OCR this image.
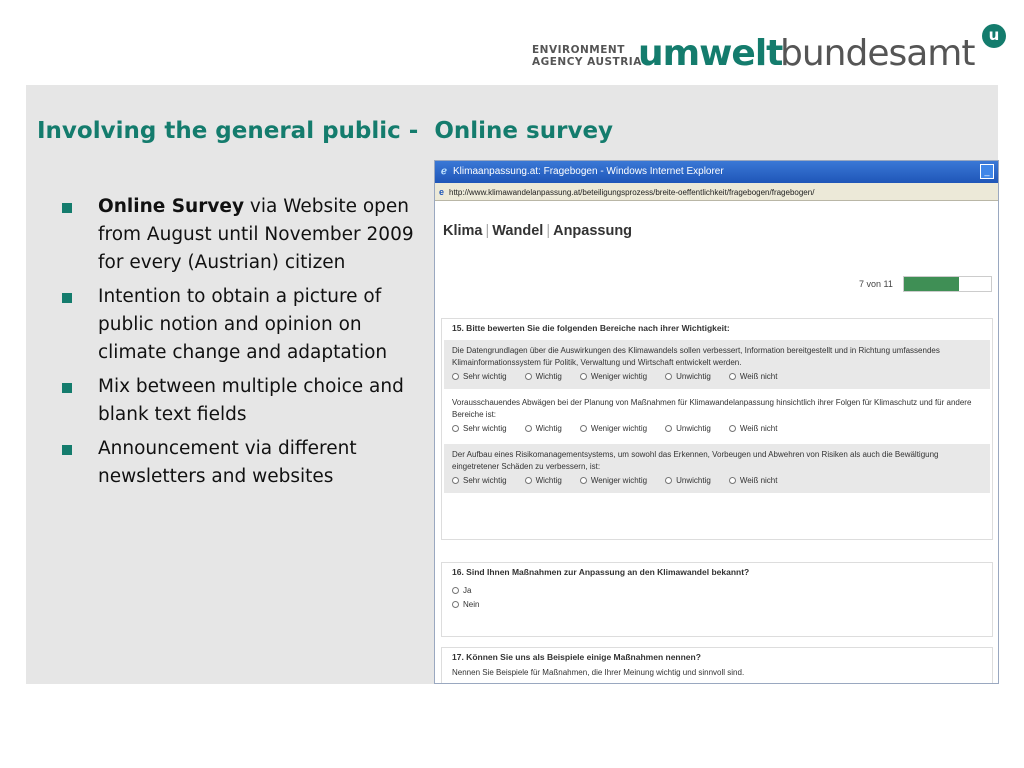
ENVIRONMENT
AGENCY AUSTRIA
umwelt
bundesamt u
Involving the general public -  Online survey
Online Survey via Website open from August until November 2009 for every (Austrian) citizen
Intention to obtain a picture of public notion and opinion on climate change and adaptation
Mix between multiple choice and blank text fields
Announcement via different newsletters and websites
ℯ Klimaanpassung.at: Fragebogen - Windows Internet Explorer	_
e http://www.klimawandelanpassung.at/beteiligungsprozess/breite-oeffentlichkeit/fragebogen/fragebogen/
Klima | Wandel | Anpassung
7 von 11
15. Bitte bewerten Sie die folgenden Bereiche nach ihrer Wichtigkeit:
Die Datengrundlagen über die Auswirkungen des Klimawandels sollen verbessert, Information bereitgestellt und in Richtung umfassendes Klimainformationssystem für Politik, Verwaltung und Wirtschaft entwickelt werden.
Sehr wichtig	Wichtig	Weniger wichtig	Unwichtig	Weiß nicht
Vorausschauendes Abwägen bei der Planung von Maßnahmen für Klimawandelanpassung hinsichtlich ihrer Folgen für Klimaschutz und für andere Bereiche ist:
Sehr wichtig	Wichtig	Weniger wichtig	Unwichtig	Weiß nicht
Der Aufbau eines Risikomanagementsystems, um sowohl das Erkennen, Vorbeugen und Abwehren von Risiken als auch die Bewältigung eingetretener Schäden zu verbessern, ist:
Sehr wichtig	Wichtig	Weniger wichtig	Unwichtig	Weiß nicht
16. Sind Ihnen Maßnahmen zur Anpassung an den Klimawandel bekannt?
Ja
Nein
17. Können Sie uns als Beispiele einige Maßnahmen nennen?
Nennen Sie Beispiele für Maßnahmen, die Ihrer Meinung wichtig und sinnvoll sind.
